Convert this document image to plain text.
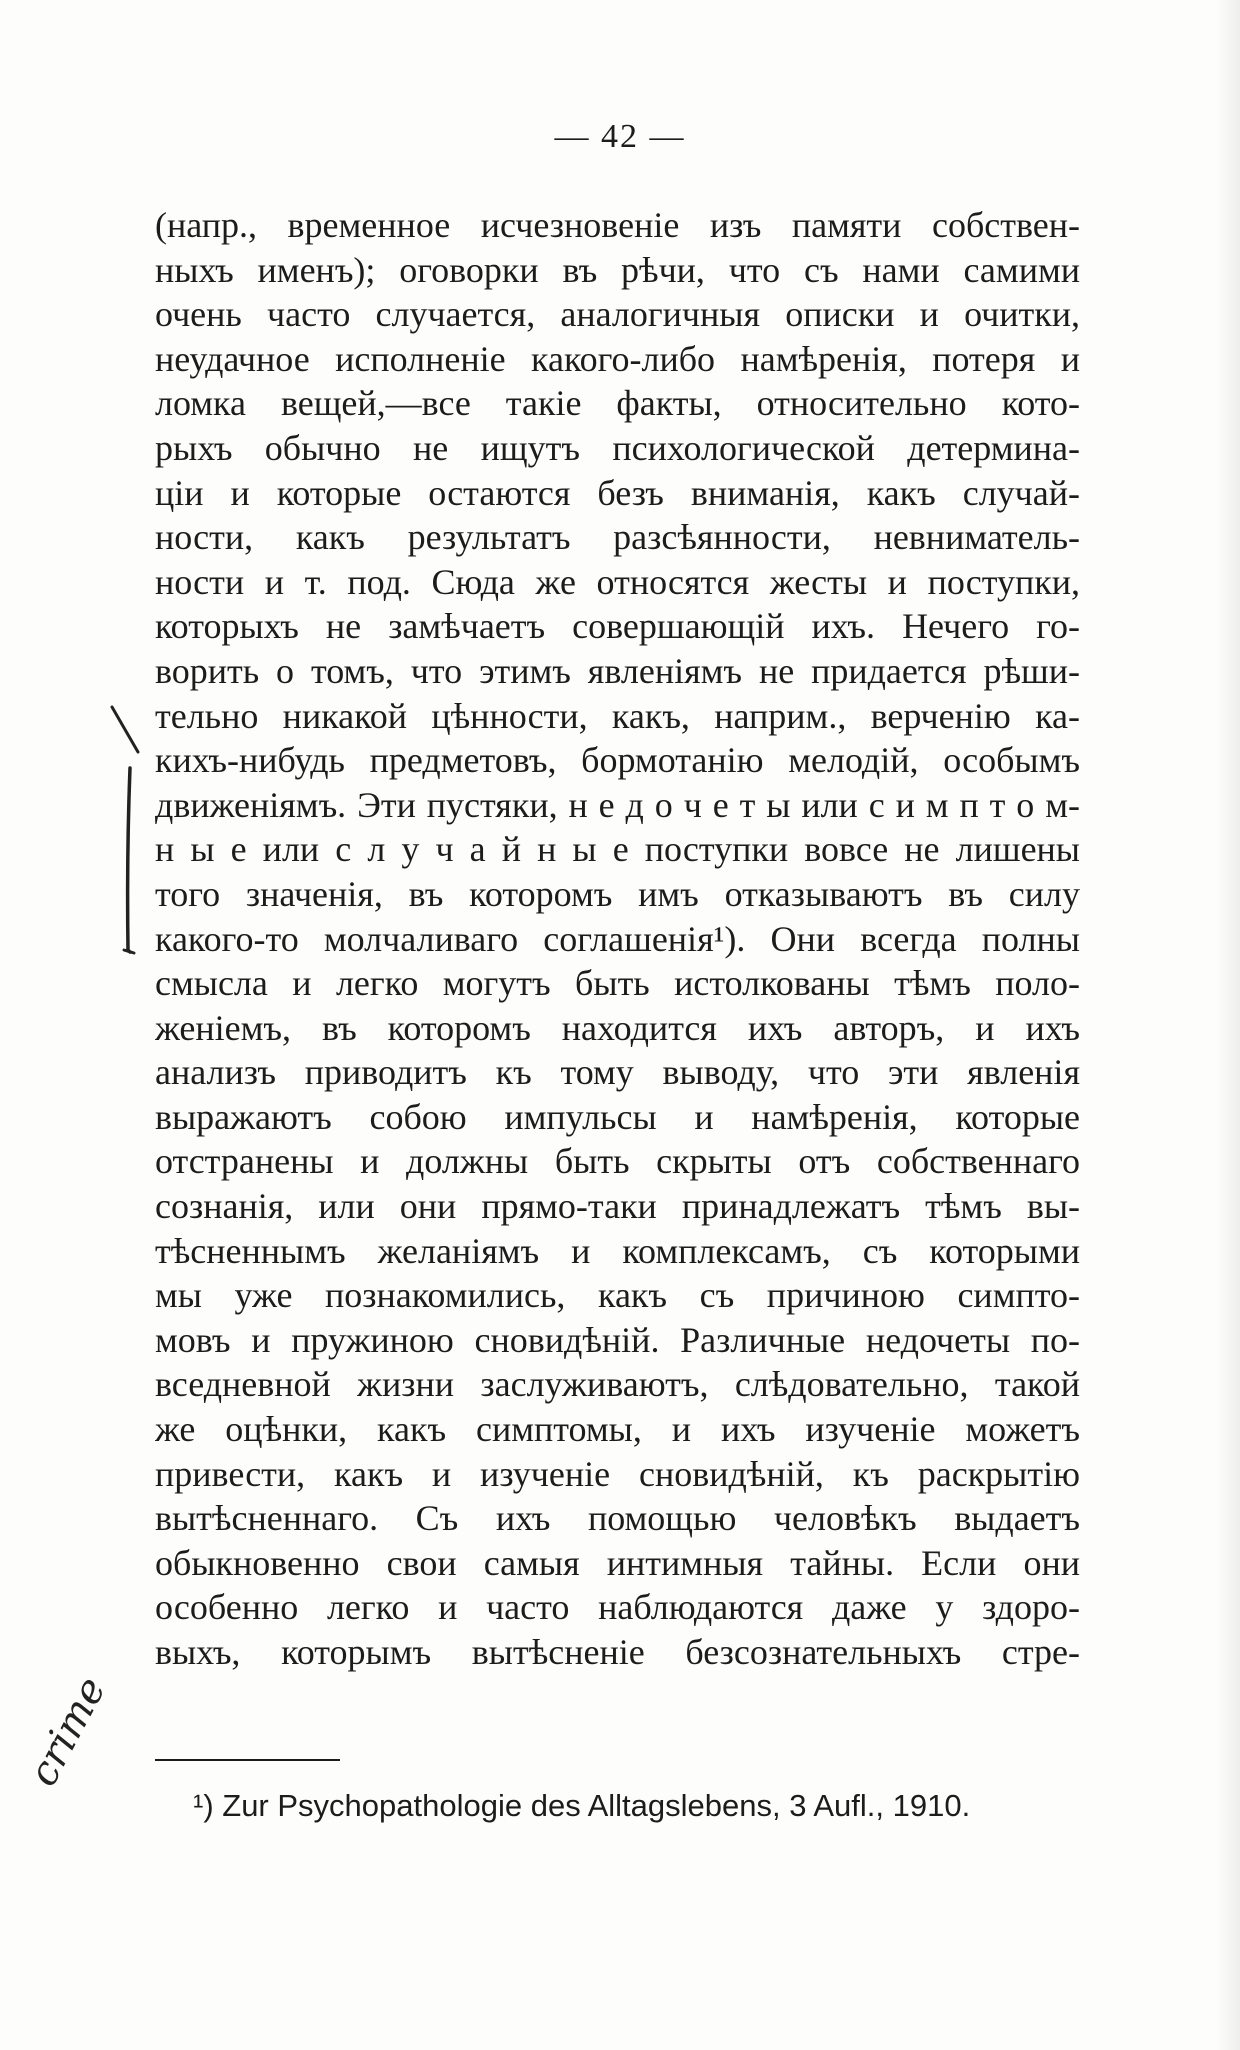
— 42 —
crime
(напр., временное исчезновеніе изъ памяти собствен-
ныхъ именъ); оговорки въ рѣчи, что съ нами самими
очень часто случается, аналогичныя описки и очитки,
неудачное исполненіе какого-либо намѣренія, потеря и
ломка вещей,—все такіе факты, относительно кото-
рыхъ обычно не ищутъ психологической детермина-
ціи и которые остаются безъ вниманія, какъ случай-
ности, какъ результатъ разсѣянности, невниматель-
ности и т. под. Сюда же относятся жесты и поступки,
которыхъ не замѣчаетъ совершающій ихъ. Нечего го-
ворить о томъ, что этимъ явленіямъ не придается рѣши-
тельно никакой цѣнности, какъ, наприм., верченію ка-
кихъ-нибудь предметовъ, бормотанію мелодій, особымъ
движеніямъ. Эти пустяки, н е д о ч е т ы или с и м п т о м-
н ы е или с л у ч а й н ы е поступки вовсе не лишены
того значенія, въ которомъ имъ отказываютъ въ силу
какого-то молчаливаго соглашенія¹). Они всегда полны
смысла и легко могутъ быть истолкованы тѣмъ поло-
женіемъ, въ которомъ находится ихъ авторъ, и ихъ
анализъ приводитъ къ тому выводу, что эти явленія
выражаютъ собою импульсы и намѣренія, которые
отстранены и должны быть скрыты отъ собственнаго
сознанія, или они прямо-таки принадлежатъ тѣмъ вы-
тѣсненнымъ желаніямъ и комплексамъ, съ которыми
мы уже познакомились, какъ съ причиною симпто-
мовъ и пружиною сновидѣній. Различные недочеты по-
вседневной жизни заслуживаютъ, слѣдовательно, такой
же оцѣнки, какъ симптомы, и ихъ изученіе можетъ
привести, какъ и изученіе сновидѣній, къ раскрытію
вытѣсненнаго. Съ ихъ помощью человѣкъ выдаетъ
обыкновенно свои самыя интимныя тайны. Если они
особенно легко и часто наблюдаются даже у здоро-
выхъ, которымъ вытѣсненіе безсознательныхъ стре-
¹) Zur Psychopathologie des Alltagslebens, 3 Aufl., 1910.
